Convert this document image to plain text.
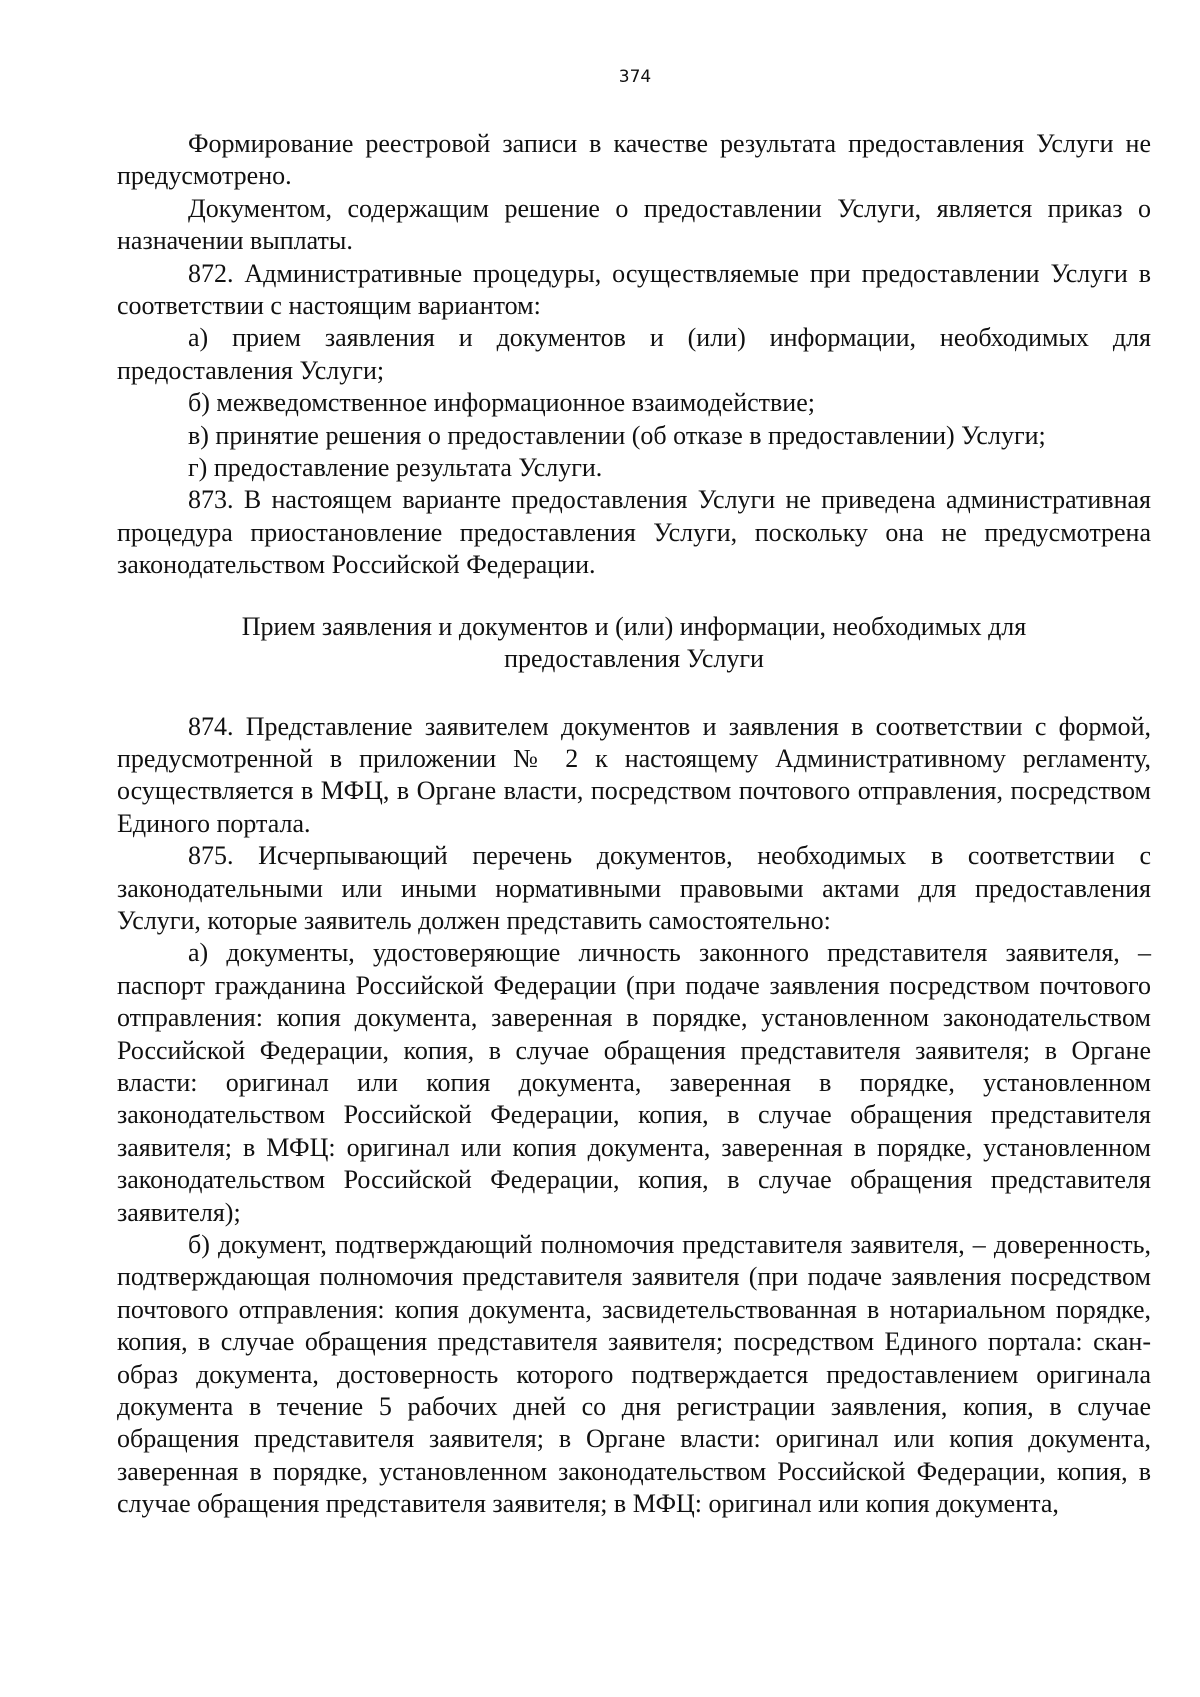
374

Формирование реестровой записи в качестве результата предоставления Услуги не предусмотрено.

Документом, содержащим решение о предоставлении Услуги, является приказ о назначении выплаты.

872. Административные процедуры, осуществляемые при предоставлении Услуги в соответствии с настоящим вариантом:

а) прием заявления и документов и (или) информации, необходимых для предоставления Услуги;

б) межведомственное информационное взаимодействие;

в) принятие решения о предоставлении (об отказе в предоставлении) Услуги;

г) предоставление результата Услуги.

873. В настоящем варианте предоставления Услуги не приведена административная процедура приостановление предоставления Услуги, поскольку она не предусмотрена законодательством Российской Федерации.

Прием заявления и документов и (или) информации, необходимых для предоставления Услуги

874. Представление заявителем документов и заявления в соответствии с формой, предусмотренной в приложении № 2 к настоящему Административному регламенту, осуществляется в МФЦ, в Органе власти, посредством почтового отправления, посредством Единого портала.

875. Исчерпывающий перечень документов, необходимых в соответствии с законодательными или иными нормативными правовыми актами для предоставления Услуги, которые заявитель должен представить самостоятельно:

а) документы, удостоверяющие личность законного представителя заявителя, – паспорт гражданина Российской Федерации (при подаче заявления посредством почтового отправления: копия документа, заверенная в порядке, установленном законодательством Российской Федерации, копия, в случае обращения представителя заявителя; в Органе власти: оригинал или копия документа, заверенная в порядке, установленном законодательством Российской Федерации, копия, в случае обращения представителя заявителя; в МФЦ: оригинал или копия документа, заверенная в порядке, установленном законодательством Российской Федерации, копия, в случае обращения представителя заявителя);

б) документ, подтверждающий полномочия представителя заявителя, – доверенность, подтверждающая полномочия представителя заявителя (при подаче заявления посредством почтового отправления: копия документа, засвидетельствованная в нотариальном порядке, копия, в случае обращения представителя заявителя; посредством Единого портала: скан-образ документа, достоверность которого подтверждается предоставлением оригинала документа в течение 5 рабочих дней со дня регистрации заявления, копия, в случае обращения представителя заявителя; в Органе власти: оригинал или копия документа, заверенная в порядке, установленном законодательством Российской Федерации, копия, в случае обращения представителя заявителя; в МФЦ: оригинал или копия документа,
